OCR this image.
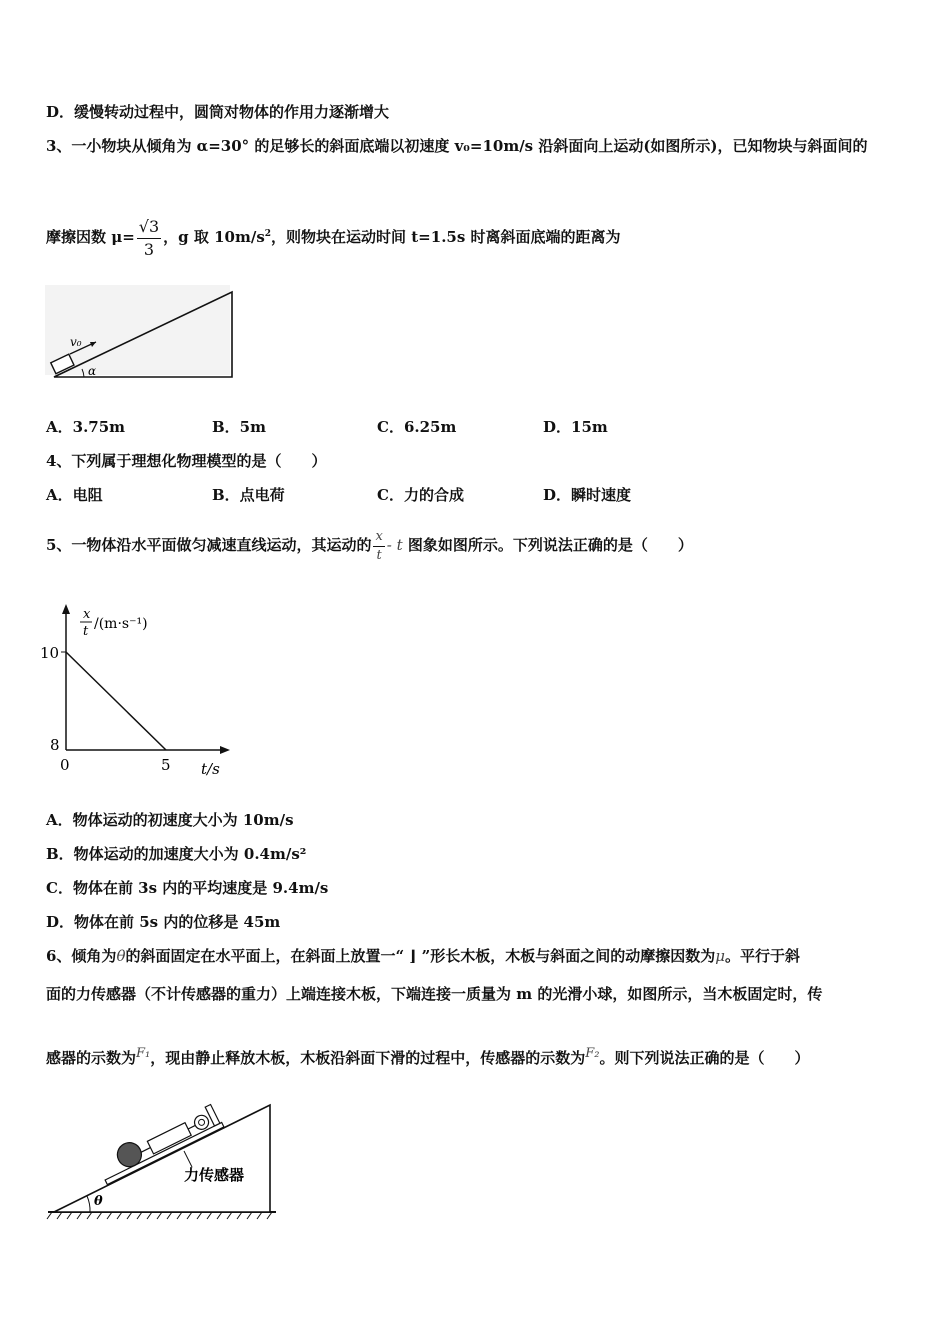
D．缓慢转动过程中，圆筒对物体的作用力逐渐增大
3、一小物块从倾角为 α=30° 的足够长的斜面底端以初速度 v₀=10m/s 沿斜面向上运动(如图所示)，已知物块与斜面间的
摩擦因数 $\mu= \frac{√3}{3}$ ，g 取 $10m/s^2$，则物块在运动时间 t=1.5s 时离斜面底端的距离为
v₀
α
A．3.75m	B．5m	C．6.25m	D．15m
4、下列属于理想化物理模型的是（　　）
A．电阻	B．点电荷	C．力的合成	D．瞬时速度
5、一物体沿水平面做匀减速直线运动，其运动的 $\frac{x}{t}$ - t 图象如图所示。下列说法正确的是（　　）
10
8
0	5 t/s
x
t /(m·s⁻¹)
A．物体运动的初速度大小为 10m/s
B．物体运动的加速度大小为 0.4m/s²
C．物体在前 3s 内的平均速度是 9.4m/s
D．物体在前 5s 内的位移是 45m
6、倾角为θ的斜面固定在水平面上，在斜面上放置一“ ⌋ ”形长木板，木板与斜面之间的动摩擦因数为μ。平行于斜
面的力传感器（不计传感器的重力）上端连接木板，下端连接一质量为 m 的光滑小球，如图所示，当木板固定时，传
感器的示数为F₁，现由静止释放木板，木板沿斜面下滑的过程中，传感器的示数为F₂。则下列说法正确的是（　　）
力传感器
θ
